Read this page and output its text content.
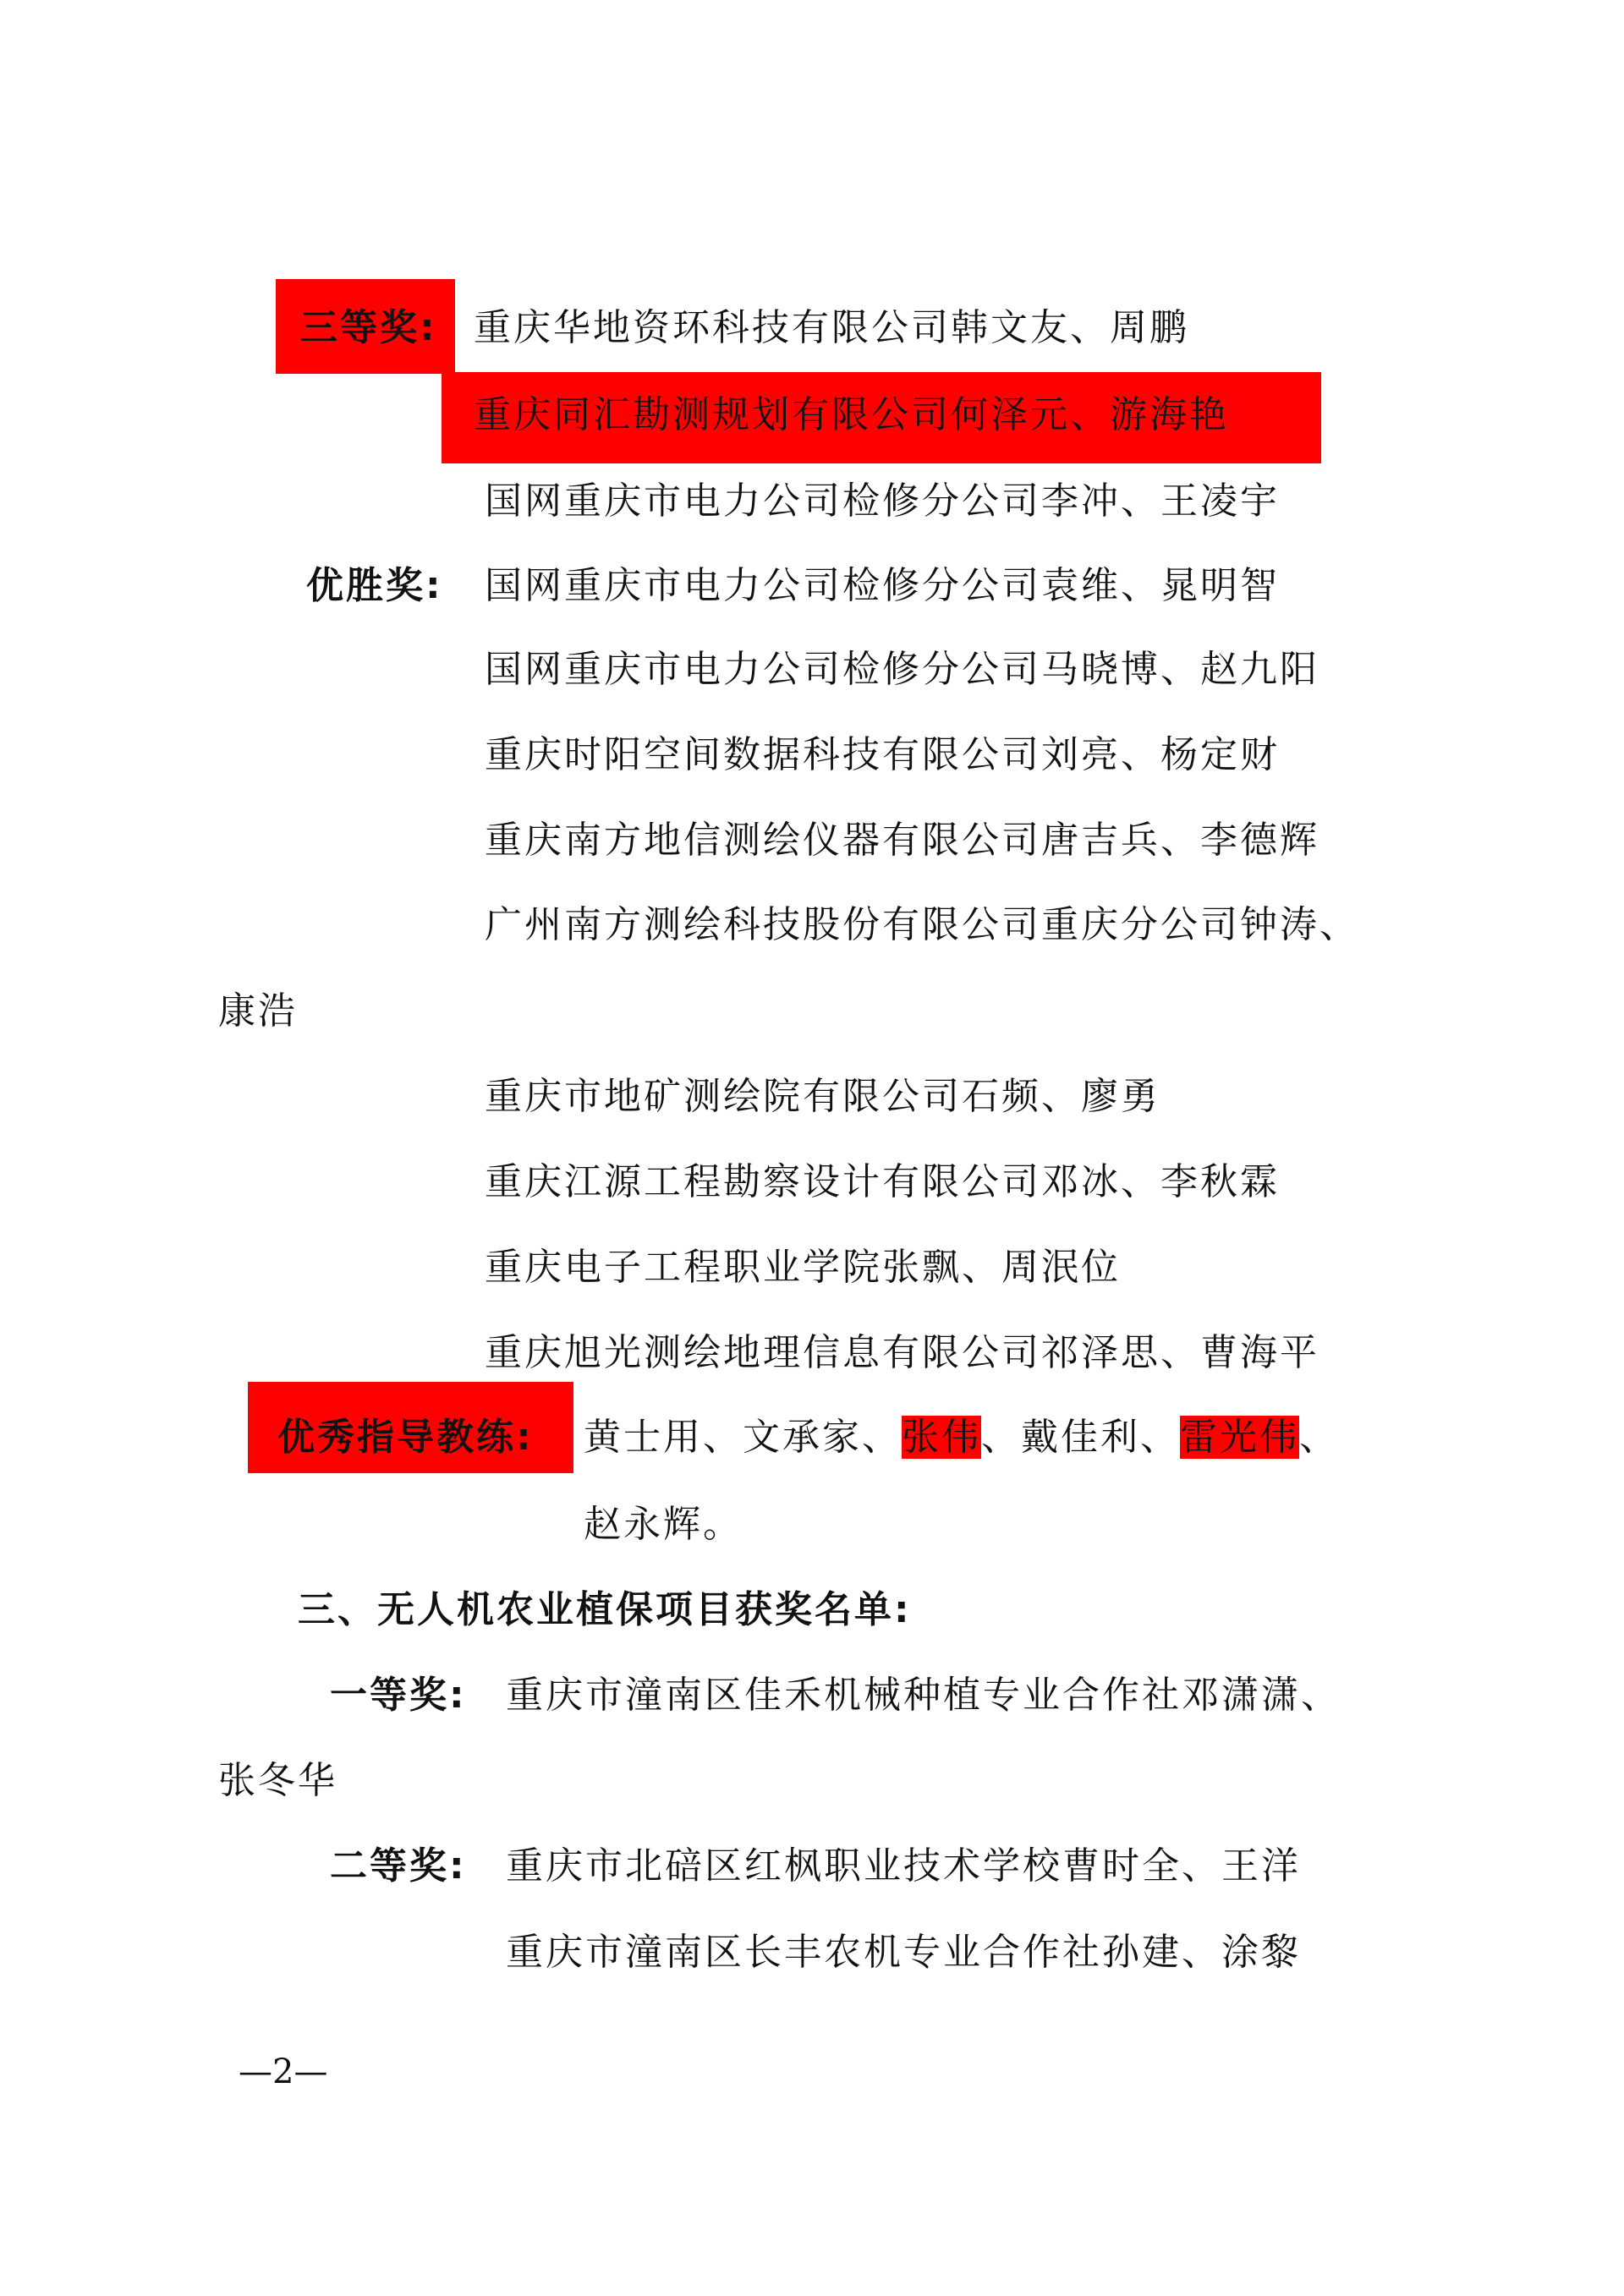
三等奖: 重庆华地资环科技有限公司韩文友、周鹏
重庆同汇勘测规划有限公司何泽元、游海艳
国网重庆市电力公司检修分公司李冲、王凌宇
优胜奖: 国网重庆市电力公司检修分公司袁维、晁明智
国网重庆市电力公司检修分公司马晓博、赵九阳
重庆时阳空间数据科技有限公司刘亮、杨定财
重庆南方地信测绘仪器有限公司唐吉兵、李德辉
广州南方测绘科技股份有限公司重庆分公司钟涛、
康浩
重庆市地矿测绘院有限公司石频、廖勇
重庆江源工程勘察设计有限公司邓冰、李秋霖
重庆电子工程职业学院张飘、周泯位
重庆旭光测绘地理信息有限公司祁泽思、曹海平
优秀指导教练: 黄士用、文承家、张伟、戴佳利、雷光伟、
赵永辉。
三、无人机农业植保项目获奖名单:
一等奖: 重庆市潼南区佳禾机械种植专业合作社邓潇潇、
张冬华
二等奖: 重庆市北碚区红枫职业技术学校曹时全、王洋
重庆市潼南区长丰农机专业合作社孙建、涂黎
—2—
